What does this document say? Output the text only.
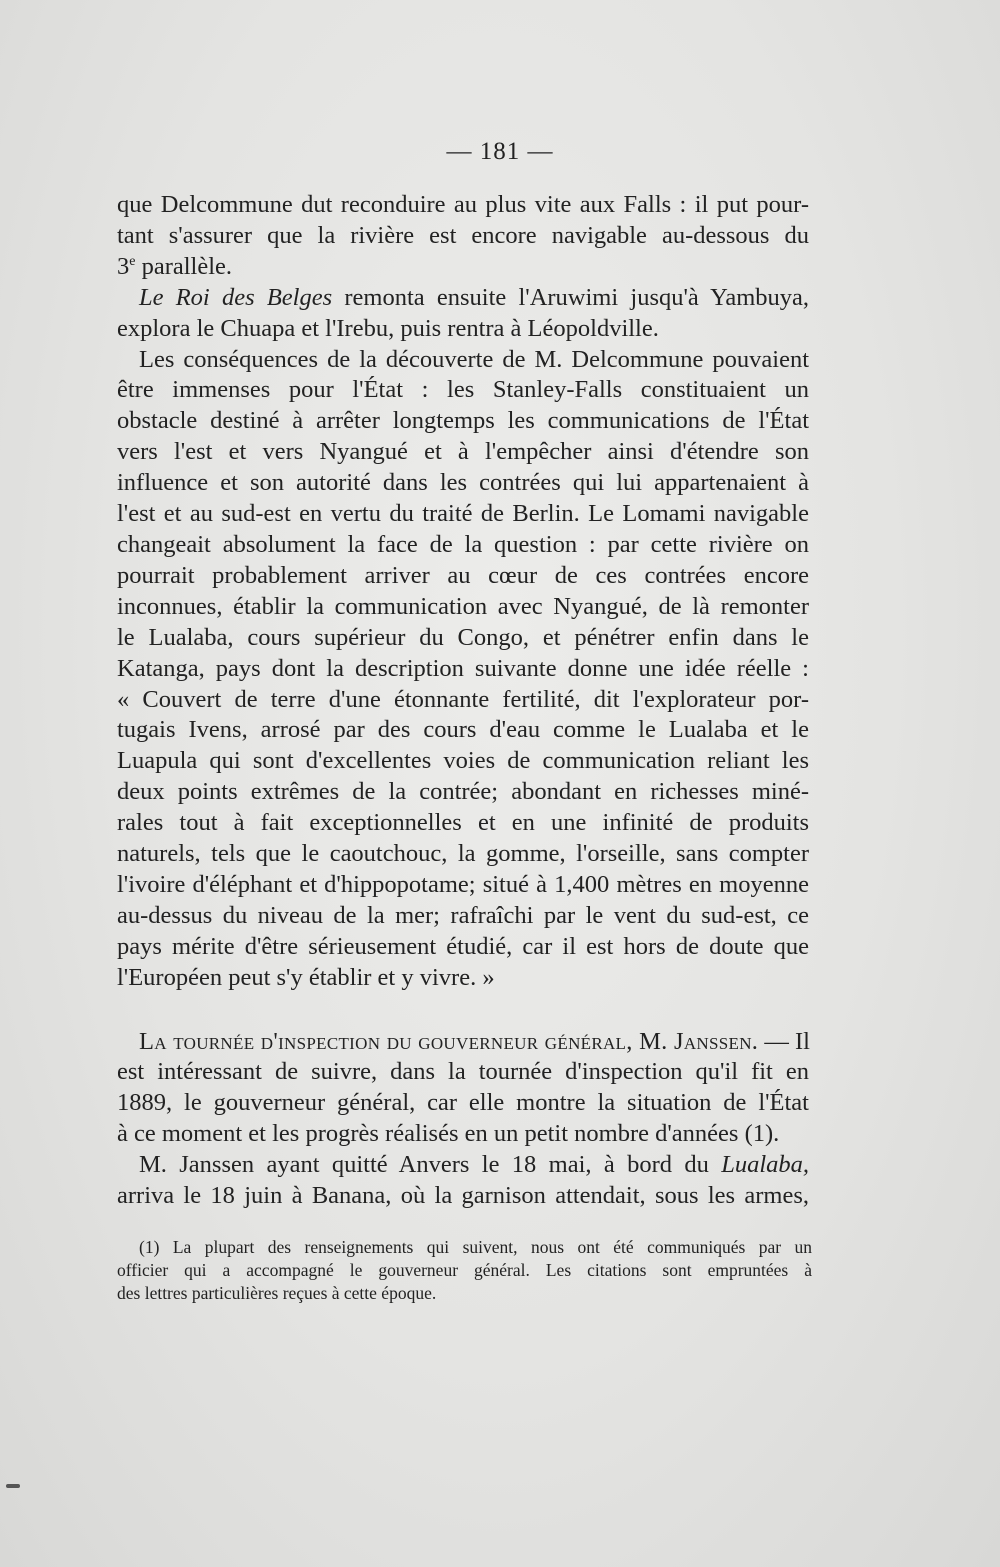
— 181 —
que Delcommune dut reconduire au plus vite aux Falls : il put pour-
tant s'assurer que la rivière est encore navigable au-dessous du
3e parallèle.
Le Roi des Belges remonta ensuite l'Aruwimi jusqu'à Yambuya,
explora le Chuapa et l'Irebu, puis rentra à Léopoldville.
Les conséquences de la découverte de M. Delcommune pouvaient
être immenses pour l'État : les Stanley-Falls constituaient un
obstacle destiné à arrêter longtemps les communications de l'État
vers l'est et vers Nyangué et à l'empêcher ainsi d'étendre son
influence et son autorité dans les contrées qui lui appartenaient à
l'est et au sud-est en vertu du traité de Berlin. Le Lomami navigable
changeait absolument la face de la question : par cette rivière on
pourrait probablement arriver au cœur de ces contrées encore
inconnues, établir la communication avec Nyangué, de là remonter
le Lualaba, cours supérieur du Congo, et pénétrer enfin dans le
Katanga, pays dont la description suivante donne une idée réelle :
« Couvert de terre d'une étonnante fertilité, dit l'explorateur por-
tugais Ivens, arrosé par des cours d'eau comme le Lualaba et le
Luapula qui sont d'excellentes voies de communication reliant les
deux points extrêmes de la contrée; abondant en richesses miné-
rales tout à fait exceptionnelles et en une infinité de produits
naturels, tels que le caoutchouc, la gomme, l'orseille, sans compter
l'ivoire d'éléphant et d'hippopotame; situé à 1,400 mètres en moyenne
au-dessus du niveau de la mer; rafraîchi par le vent du sud-est, ce
pays mérite d'être sérieusement étudié, car il est hors de doute que
l'Européen peut s'y établir et y vivre. »
La tournée d'inspection du gouverneur général, M. Janssen. — Il
est intéressant de suivre, dans la tournée d'inspection qu'il fit en
1889, le gouverneur général, car elle montre la situation de l'État
à ce moment et les progrès réalisés en un petit nombre d'années (1).
M. Janssen ayant quitté Anvers le 18 mai, à bord du Lualaba,
arriva le 18 juin à Banana, où la garnison attendait, sous les armes,
(1) La plupart des renseignements qui suivent, nous ont été communiqués par un
officier qui a accompagné le gouverneur général. Les citations sont empruntées à
des lettres particulières reçues à cette époque.
